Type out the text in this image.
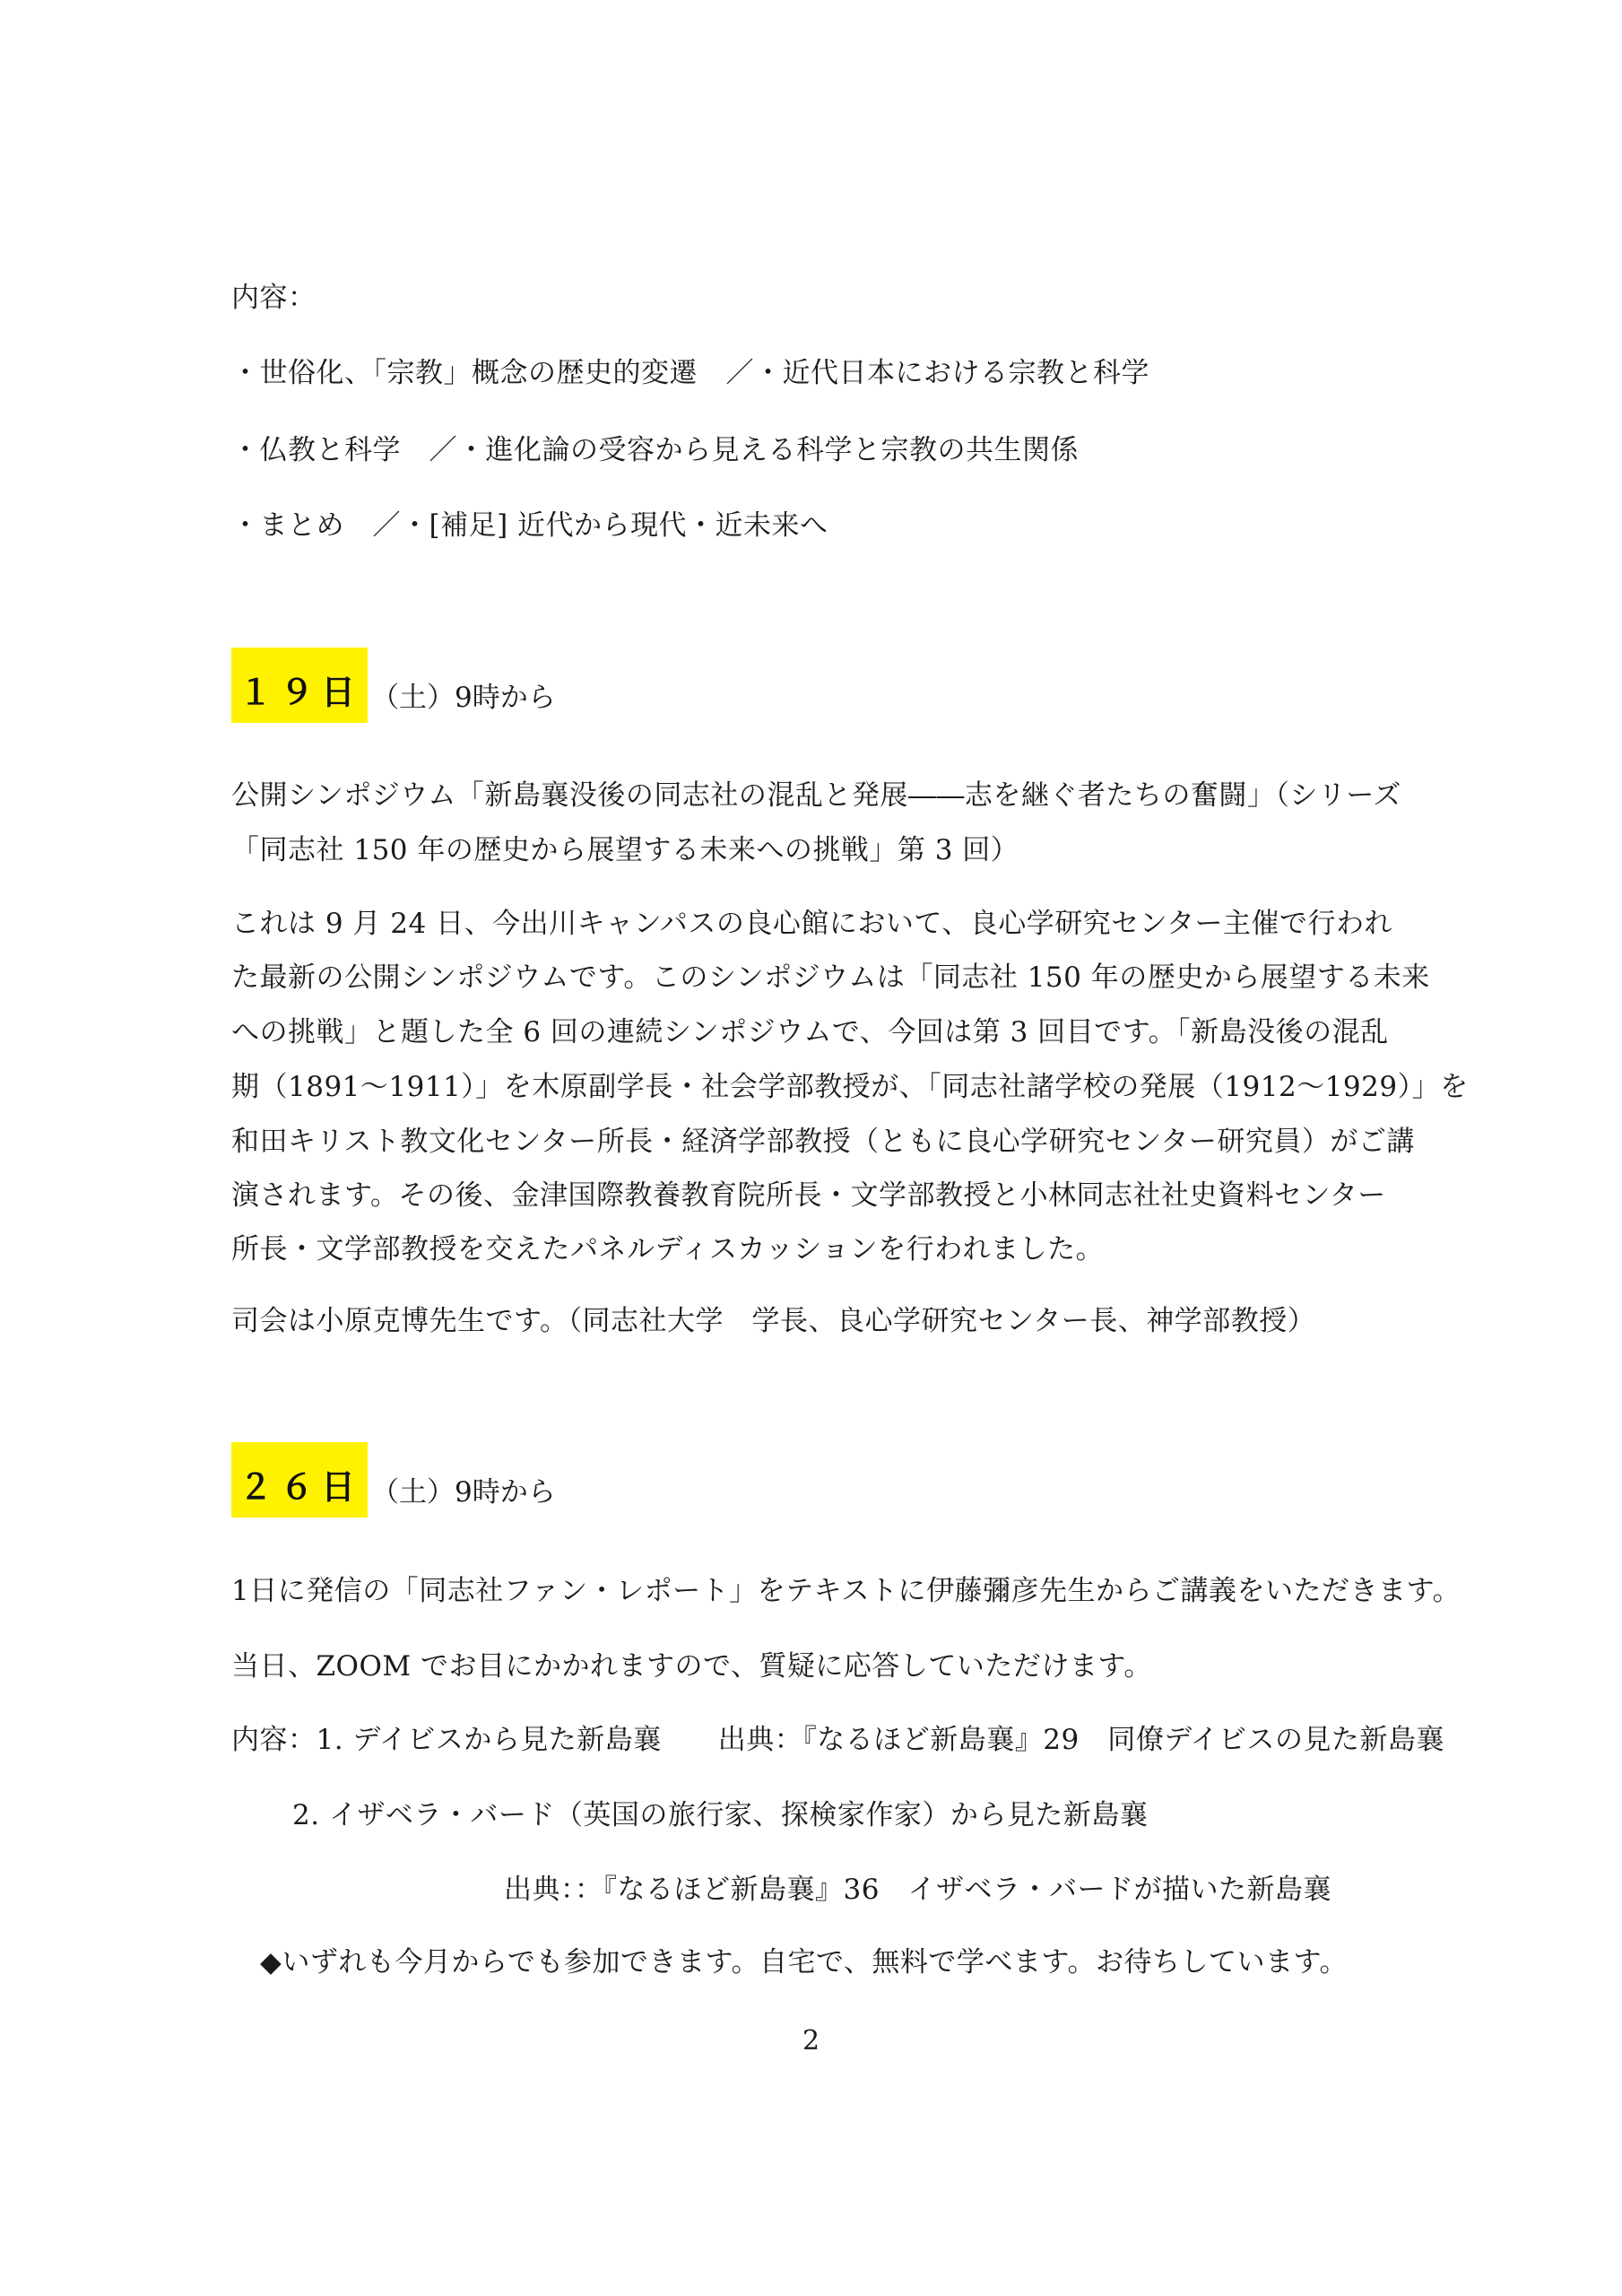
内容：
・世俗化、「宗教」概念の歴史的変遷　／・近代日本における宗教と科学
・仏教と科学　／・進化論の受容から見える科学と宗教の共生関係
・まとめ　／・[補足] 近代から現代・近未来へ
１９日 （土）9時から
公開シンポジウム「新島襄没後の同志社の混乱と発展――志を継ぐ者たちの奮闘」（シリーズ
「同志社 150 年の歴史から展望する未来への挑戦」第 3 回）
これは 9 月 24 日、今出川キャンパスの良心館において、良心学研究センター主催で行われ
た最新の公開シンポジウムです。このシンポジウムは「同志社 150 年の歴史から展望する未来
への挑戦」と題した全 6 回の連続シンポジウムで、今回は第 3 回目です。「新島没後の混乱
期（1891～1911）」を木原副学長・社会学部教授が、「同志社諸学校の発展（1912～1929）」を
和田キリスト教文化センター所長・経済学部教授（ともに良心学研究センター研究員）がご講
演されます。その後、金津国際教養教育院所長・文学部教授と小林同志社社史資料センター
所長・文学部教授を交えたパネルディスカッションを行われました。
司会は小原克博先生です。（同志社大学　学長、良心学研究センター長、神学部教授）
２６日 （土）9時から
1日に発信の「同志社ファン・レポート」をテキストに伊藤彌彦先生からご講義をいただきます。
当日、ZOOM でお目にかかれますので、質疑に応答していただけます。
内容：1. デイビスから見た新島襄　　出典：『なるほど新島襄』29　同僚デイビスの見た新島襄
2. イザベラ・バード（英国の旅行家、探検家作家）から見た新島襄
出典：：『なるほど新島襄』36　イザベラ・バードが描いた新島襄
◆いずれも今月からでも参加できます。自宅で、無料で学べます。お待ちしています。
2
